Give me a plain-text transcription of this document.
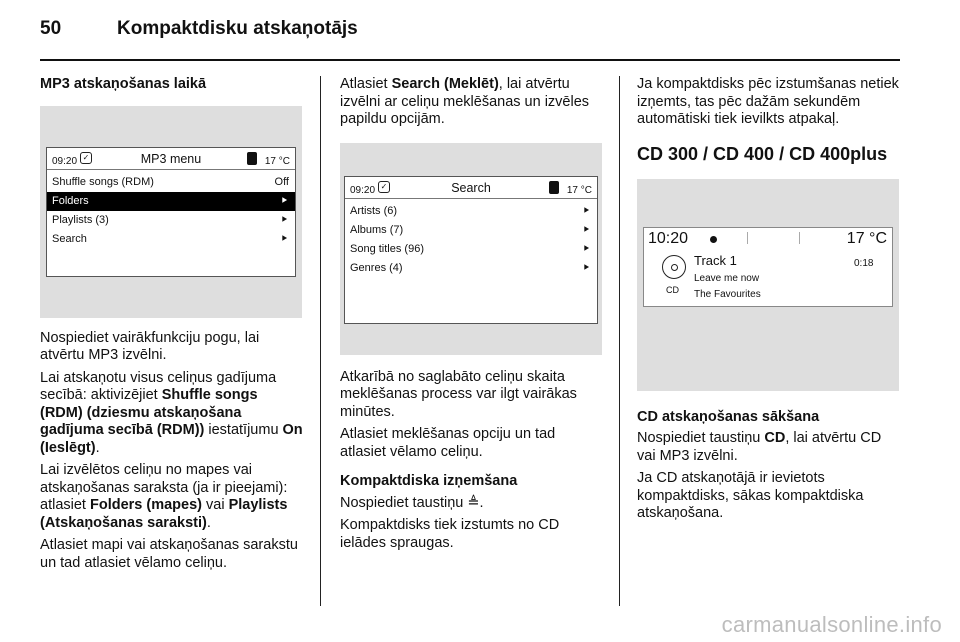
50	Kompaktdisku atskaņotājs
MP3 atskaņošanas laikā
09:20 ✓	MP3 menu	17 °C
Shuffle songs (RDM)	Off
Folders	⯈
Playlists (3)	⯈
Search	⯈

Nospiediet vairākfunkciju pogu, lai atvērtu MP3 izvēlni.

Lai atskaņotu visus celiņus gadījuma secībā: aktivizējiet Shuffle songs (RDM) (dziesmu atskaņošana gadījuma secībā (RDM)) iestatījumu On (Ieslēgt).

Lai izvēlētos celiņu no mapes vai atskaņošanas saraksta (ja ir pieejami): atlasiet Folders (mapes) vai Playlists (Atskaņošanas saraksti).

Atlasiet mapi vai atskaņošanas sarakstu un tad atlasiet vēlamo celiņu.

Atlasiet Search (Meklēt), lai atvērtu izvēlni ar celiņu meklēšanas un izvēles papildu opcijām.

09:20 ✓	Search	17 °C
Artists (6)	⯈
Albums (7)	⯈
Song titles (96)	⯈
Genres (4)	⯈

Atkarībā no saglabāto celiņu skaita meklēšanas process var ilgt vairākas minūtes.

Atlasiet meklēšanas opciju un tad atlasiet vēlamo celiņu.

Kompaktdiska izņemšana

Nospiediet taustiņu ≜.

Kompaktdisks tiek izstumts no CD ielādes spraugas.

Ja kompaktdisks pēc izstumšanas netiek izņemts, tas pēc dažām sekundēm automātiski tiek ievilkts atpakaļ.

CD 300 / CD 400 / CD 400plus
10:20	17 °C
CD
Track 1
Leave me now
The Favourites
0:18
CD atskaņošanas sākšana

Nospiediet taustiņu CD, lai atvērtu CD vai MP3 izvēlni.

Ja CD atskaņotājā ir ievietots kompaktdisks, sākas kompaktdiska atskaņošana.

carmanualsonline.info
